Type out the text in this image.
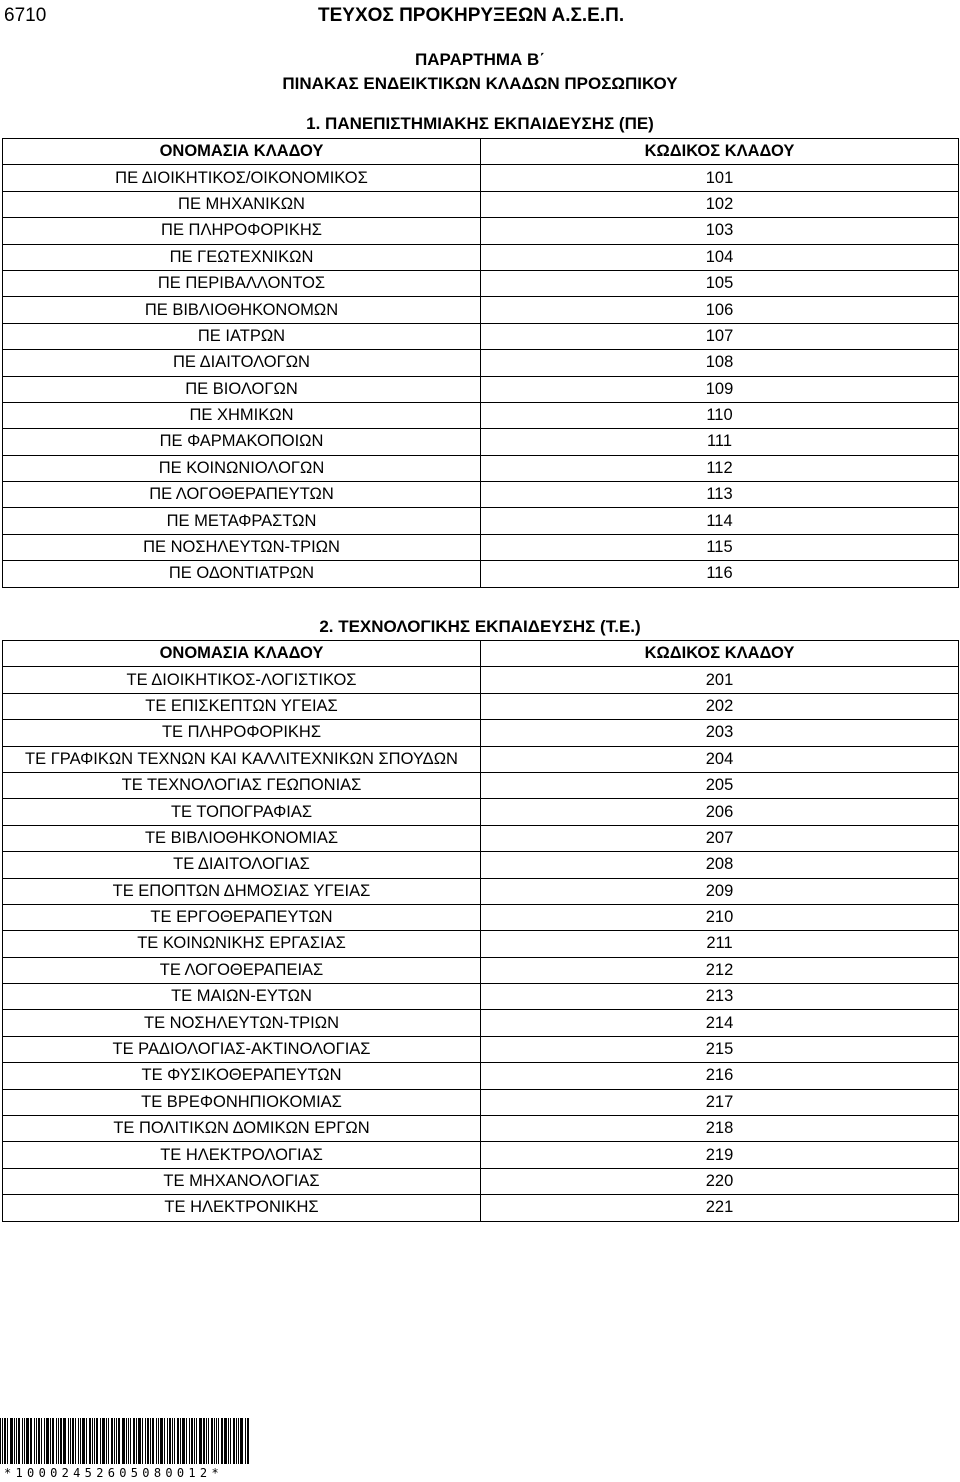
6710	ΤΕΥΧΟΣ ΠΡΟΚΗΡΥΞΕΩΝ Α.Σ.Ε.Π.
ΠΑΡΑΡΤΗΜΑ Β΄
ΠΙΝΑΚΑΣ ΕΝΔΕΙΚΤΙΚΩΝ ΚΛΑΔΩΝ ΠΡΟΣΩΠΙΚΟΥ
1. ΠΑΝΕΠΙΣΤΗΜΙΑΚΗΣ ΕΚΠΑΙΔΕΥΣΗΣ (ΠΕ)
ΟΝΟΜΑΣΙΑ ΚΛΑΔΟΥ	ΚΩΔΙΚΟΣ ΚΛΑΔΟΥ
ΠΕ ΔΙΟΙΚΗΤΙΚΟΣ/ΟΙΚΟΝΟΜΙΚΟΣ	101
ΠΕ ΜΗΧΑΝΙΚΩΝ	102
ΠΕ ΠΛΗΡΟΦΟΡΙΚΗΣ	103
ΠΕ ΓΕΩΤΕΧΝΙΚΩΝ	104
ΠΕ ΠΕΡΙΒΑΛΛΟΝΤΟΣ	105
ΠΕ ΒΙΒΛΙΟΘΗΚΟΝΟΜΩΝ	106
ΠΕ ΙΑΤΡΩΝ	107
ΠΕ ΔΙΑΙΤΟΛΟΓΩΝ	108
ΠΕ ΒΙΟΛΟΓΩΝ	109
ΠΕ ΧΗΜΙΚΩΝ	110
ΠΕ ΦΑΡΜΑΚΟΠΟΙΩΝ	111
ΠΕ ΚΟΙΝΩΝΙΟΛΟΓΩΝ	112
ΠΕ ΛΟΓΟΘΕΡΑΠΕΥΤΩΝ	113
ΠΕ ΜΕΤΑΦΡΑΣΤΩΝ	114
ΠΕ ΝΟΣΗΛΕΥΤΩΝ-ΤΡΙΩΝ	115
ΠΕ ΟΔΟΝΤΙΑΤΡΩΝ	116
2. ΤΕΧΝΟΛΟΓΙΚΗΣ ΕΚΠΑΙΔΕΥΣΗΣ (Τ.Ε.)
ΟΝΟΜΑΣΙΑ ΚΛΑΔΟΥ	ΚΩΔΙΚΟΣ ΚΛΑΔΟΥ
ΤΕ ΔΙΟΙΚΗΤΙΚΟΣ-ΛΟΓΙΣΤΙΚΟΣ	201
ΤΕ ΕΠΙΣΚΕΠΤΩΝ ΥΓΕΙΑΣ	202
ΤΕ ΠΛΗΡΟΦΟΡΙΚΗΣ	203
ΤΕ ΓΡΑΦΙΚΩΝ ΤΕΧΝΩΝ ΚΑΙ ΚΑΛΛΙΤΕΧΝΙΚΩΝ ΣΠΟΥΔΩΝ	204
ΤΕ ΤΕΧΝΟΛΟΓΙΑΣ ΓΕΩΠΟΝΙΑΣ	205
ΤΕ ΤΟΠΟΓΡΑΦΙΑΣ	206
ΤΕ ΒΙΒΛΙΟΘΗΚΟΝΟΜΙΑΣ	207
ΤΕ ΔΙΑΙΤΟΛΟΓΙΑΣ	208
ΤΕ ΕΠΟΠΤΩΝ ΔΗΜΟΣΙΑΣ ΥΓΕΙΑΣ	209
ΤΕ ΕΡΓΟΘΕΡΑΠΕΥΤΩΝ	210
ΤΕ ΚΟΙΝΩΝΙΚΗΣ ΕΡΓΑΣΙΑΣ	211
ΤΕ ΛΟΓΟΘΕΡΑΠΕΙΑΣ	212
ΤΕ ΜΑΙΩΝ-ΕΥΤΩΝ	213
ΤΕ ΝΟΣΗΛΕΥΤΩΝ-ΤΡΙΩΝ	214
ΤΕ ΡΑΔΙΟΛΟΓΙΑΣ-ΑΚΤΙΝΟΛΟΓΙΑΣ	215
ΤΕ ΦΥΣΙΚΟΘΕΡΑΠΕΥΤΩΝ	216
ΤΕ ΒΡΕΦΟΝΗΠΙΟΚΟΜΙΑΣ	217
ΤΕ ΠΟΛΙΤΙΚΩΝ ΔΟΜΙΚΩΝ ΕΡΓΩΝ	218
ΤΕ ΗΛΕΚΤΡΟΛΟΓΙΑΣ	219
ΤΕ ΜΗΧΑΝΟΛΟΓΙΑΣ	220
ΤΕ ΗΛΕΚΤΡΟΝΙΚΗΣ	221
*10002452605080012*
